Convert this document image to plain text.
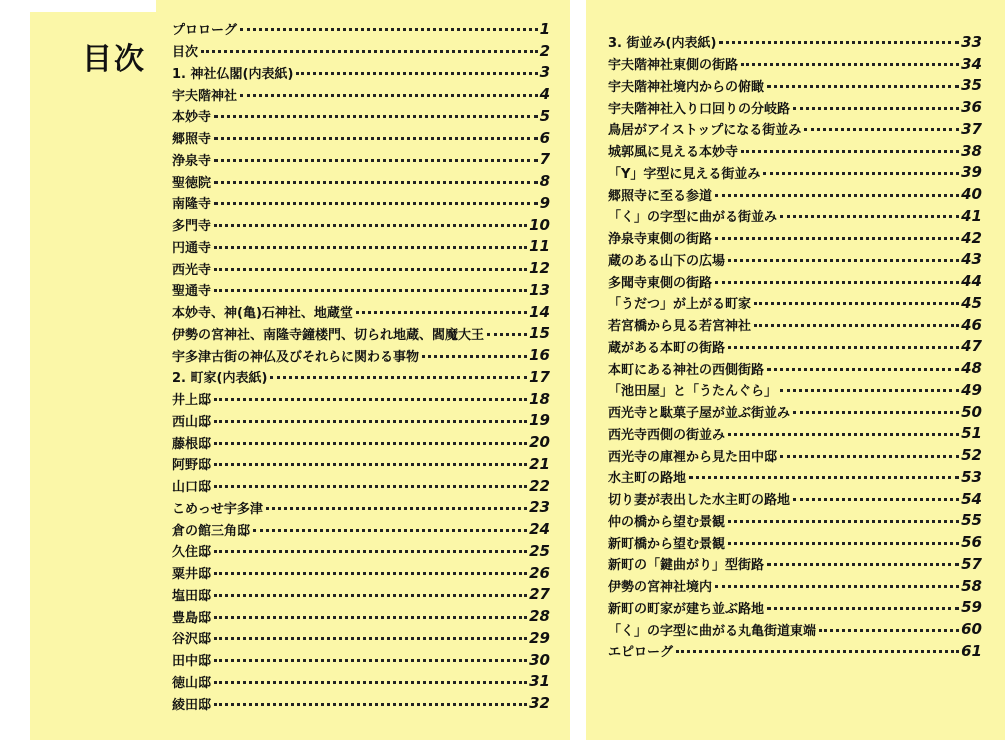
目次
プロローグ	1
目次	2
1. 神社仏閣(内表紙)	3
宇夫階神社	4
本妙寺	5
郷照寺	6
浄泉寺	7
聖徳院	8
南隆寺	9
多門寺	10
円通寺	11
西光寺	12
聖通寺	13
本妙寺、神(亀)石神社、地蔵堂	14
伊勢の宮神社、南隆寺鐘楼門、切られ地蔵、閻魔大王	15
宇多津古街の神仏及びそれらに関わる事物	16
2. 町家(内表紙)	17
井上邸	18
西山邸	19
藤根邸	20
阿野邸	21
山口邸	22
こめっせ宇多津	23
倉の館三角邸	24
久住邸	25
粟井邸	26
塩田邸	27
豊島邸	28
谷沢邸	29
田中邸	30
徳山邸	31
綾田邸	32
3. 街並み(内表紙)	33
宇夫階神社東側の街路	34
宇夫階神社境内からの俯瞰	35
宇夫階神社入り口回りの分岐路	36
鳥居がアイストップになる街並み	37
城郭風に見える本妙寺	38
「Y」字型に見える街並み	39
郷照寺に至る参道	40
「く」の字型に曲がる街並み	41
浄泉寺東側の街路	42
蔵のある山下の広場	43
多聞寺東側の街路	44
「うだつ」が上がる町家	45
若宮橋から見る若宮神社	46
蔵がある本町の街路	47
本町にある神社の西側街路	48
「池田屋」と「うたんぐら」	49
西光寺と駄菓子屋が並ぶ街並み	50
西光寺西側の街並み	51
西光寺の庫裡から見た田中邸	52
水主町の路地	53
切り妻が表出した水主町の路地	54
仲の橋から望む景観	55
新町橋から望む景観	56
新町の「鍵曲がり」型街路	57
伊勢の宮神社境内	58
新町の町家が建ち並ぶ路地	59
「く」の字型に曲がる丸亀街道東端	60
エピローグ	61
